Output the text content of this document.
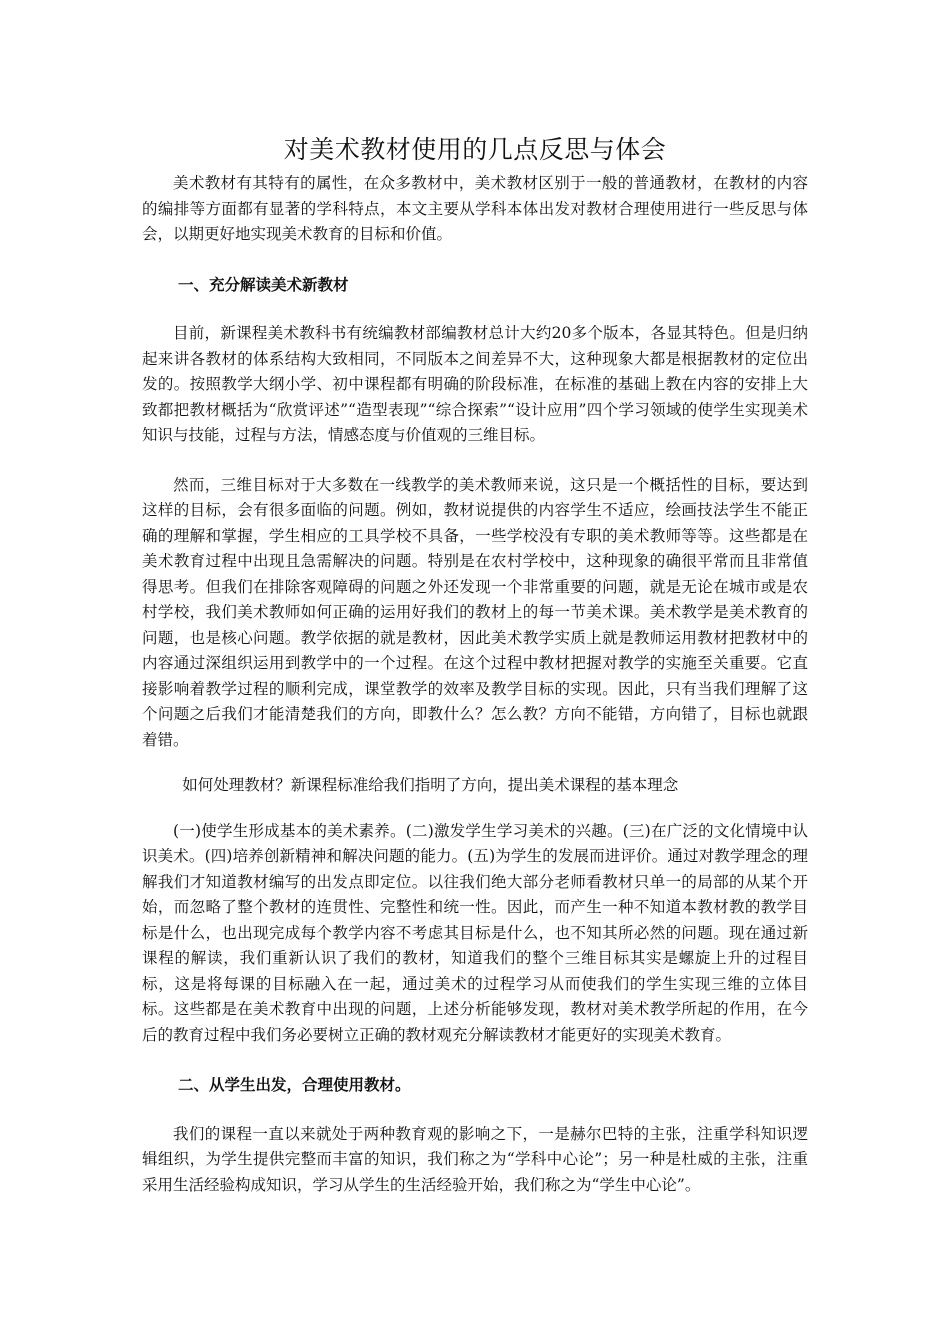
对美术教材使用的几点反思与体会

美术教材有其特有的属性，在众多教材中，美术教材区别于一般的普通教材，在教材的内容的编排等方面都有显著的学科特点，本文主要从学科本体出发对教材合理使用进行一些反思与体会，以期更好地实现美术教育的目标和价值。

一、充分解读美术新教材

目前，新课程美术教科书有统编教材部编教材总计大约20多个版本，各显其特色。但是归纳起来讲各教材的体系结构大致相同，不同版本之间差异不大，这种现象大都是根据教材的定位出发的。按照教学大纲小学、初中课程都有明确的阶段标准，在标准的基础上教在内容的安排上大致都把教材概括为“欣赏评述”“造型表现”“综合探索”“设计应用”四个学习领域的使学生实现美术知识与技能，过程与方法，情感态度与价值观的三维目标。

然而，三维目标对于大多数在一线教学的美术教师来说，这只是一个概括性的目标，要达到这样的目标，会有很多面临的问题。例如，教材说提供的内容学生不适应，绘画技法学生不能正确的理解和掌握，学生相应的工具学校不具备，一些学校没有专职的美术教师等等。这些都是在美术教育过程中出现且急需解决的问题。特别是在农村学校中，这种现象的确很平常而且非常值得思考。但我们在排除客观障碍的问题之外还发现一个非常重要的问题，就是无论在城市或是农村学校，我们美术教师如何正确的运用好我们的教材上的每一节美术课。美术教学是美术教育的问题，也是核心问题。教学依据的就是教材，因此美术教学实质上就是教师运用教材把教材中的内容通过深组织运用到教学中的一个过程。在这个过程中教材把握对教学的实施至关重要。它直接影响着教学过程的顺利完成，课堂教学的效率及教学目标的实现。因此，只有当我们理解了这个问题之后我们才能清楚我们的方向，即教什么？怎么教？方向不能错，方向错了，目标也就跟着错。

如何处理教材？新课程标准给我们指明了方向，提出美术课程的基本理念

(一)使学生形成基本的美术素养。(二)激发学生学习美术的兴趣。(三)在广泛的文化情境中认识美术。(四)培养创新精神和解决问题的能力。(五)为学生的发展而进评价。通过对教学理念的理解我们才知道教材编写的出发点即定位。以往我们绝大部分老师看教材只单一的局部的从某个开始，而忽略了整个教材的连贯性、完整性和统一性。因此，而产生一种不知道本教材教的教学目标是什么，也出现完成每个教学内容不考虑其目标是什么，也不知其所必然的问题。现在通过新课程的解读，我们重新认识了我们的教材，知道我们的整个三维目标其实是螺旋上升的过程目标，这是将每课的目标融入在一起，通过美术的过程学习从而使我们的学生实现三维的立体目标。这些都是在美术教育中出现的问题，上述分析能够发现，教材对美术教学所起的作用，在今后的教育过程中我们务必要树立正确的教材观充分解读教材才能更好的实现美术教育。

二、从学生出发，合理使用教材。

我们的课程一直以来就处于两种教育观的影响之下，一是赫尔巴特的主张，注重学科知识逻辑组织，为学生提供完整而丰富的知识，我们称之为“学科中心论”；另一种是杜威的主张，注重采用生活经验构成知识，学习从学生的生活经验开始，我们称之为“学生中心论”。
